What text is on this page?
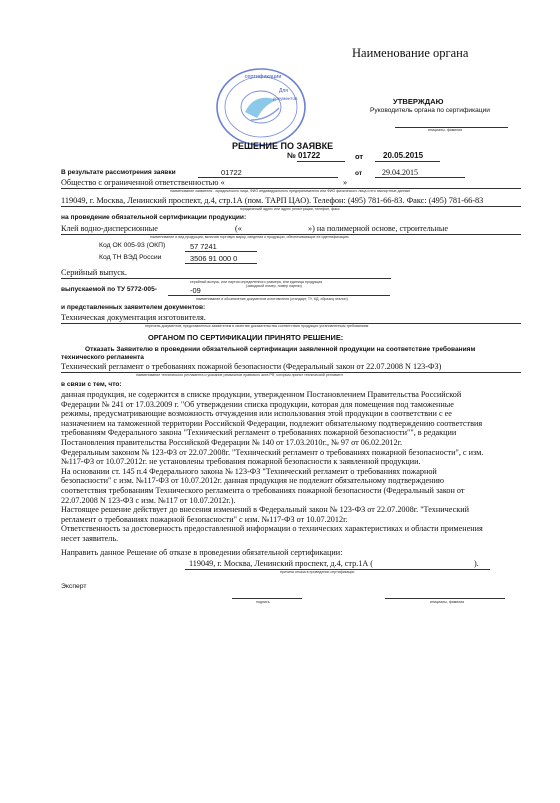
Наименование органа
сертификации
Для
документов	УТВЕРЖДАЮ
Руководитель органа по сертификации
инициалы, фамилия
РЕШЕНИЕ ПО ЗАЯВКЕ
№ 01722	от 20.05.2015
В результате рассмотрения заявки	01722	от 29.04.2015
Общество с ограниченной ответственностью «	»
наименование заявителя - юридического лица, ФИО индивидуального предпринимателя или ФИО физического лица и его паспортные данные
119049, г. Москва, Ленинский проспект, д.4, стр.1А (пом. ТАРП ЦАО). Телефон: (495) 781-66-83. Факс: (495) 781-66-83
юридический адрес или адрес регистрации, телефон, факс
на проведение обязательной сертификации продукции:
Клей водно-дисперсионные	(«	») на полимерной основе, строительные
наименование и вид продукции, включая торговую марку, сведения о продукции, обеспечивающие ее идентификацию
Код ОК 005-93 (ОКП)	57 7241
Код ТН ВЭД России	3506 91 000 0
Серийный выпуск.
серийный выпуск, или партия определенного размера, или единица продукции
(заводской номер, номер партии)
выпускаемой по ТУ 5772-005-	-09
наименование и обозначение документов изготовителя (стандарт, ТУ, КД, образец эталон)
и представленных заявителем документов:
Техническая документация изготовителя.
перечень документов, представленных заявителем в качестве доказательства соответствия продукции установленным требованиям
ОРГАНОМ ПО СЕРТИФИКАЦИИ ПРИНЯТО РЕШЕНИЕ:
Отказать Заявителю в проведении обязательной сертификации заявленной продукции на соответствие требованиям
технического регламента
Технический регламент о требованиях пожарной безопасности (Федеральный закон от 22.07.2008 N 123-ФЗ)
наименование технического регламента и указание реквизитов правового акта РФ, которым принят технический регламент
в связи с тем, что:
данная продукция, не содержится в списке продукции, утвержденном Постановлением Правительства Российской
Федерации № 241 от 17.03.2009 г. "Об утверждении списка продукции, которая для помещения под таможенные
режимы, предусматривающие возможность отчуждения или использования этой продукции в соответствии с ее
назначением на таможенной территории Российской Федерации, подлежит обязательному подтверждению соответствия
требованиям Федерального закона "Технический регламент о требованиях пожарной безопасности"", в редакции
Постановления правительства Российской Федерации № 140 от 17.03.2010г., № 97 от 06.02.2012г.
Федеральным законом № 123-ФЗ от 22.07.2008г. "Технический регламент о требованиях пожарной безопасности", с изм.
№117-ФЗ от 10.07.2012г. не установлены требования пожарной безопасности к заявленной продукции.
На основании ст. 145 п.4 Федерального закона № 123-ФЗ "Технический регламент о требованиях пожарной
безопасности" с изм. №117-ФЗ от 10.07.2012г. данная продукция не подлежит обязательному подтверждению
соответствия требованиям Технического регламента о требованиях пожарной безопасности (Федеральный закон от
22.07.2008 N 123-ФЗ с изм. №117 от 10.07.2012г.).
Настоящее решение действует до внесения изменений в Федеральный закон № 123-ФЗ от 22.07.2008г. "Технический
регламент о требованиях пожарной безопасности" с изм. №117-ФЗ от 10.07.2012г.
Ответственность за достоверность предоставленной информации о технических характеристиках и области применения
несет заявитель.
Направить данное Решение об отказе в проведении обязательной сертификации:
119049, г. Москва, Ленинский проспект, д.4, стр.1А (	).
причина отказа в проведении сертификации
Эксперт
подпись	инициалы, фамилия
